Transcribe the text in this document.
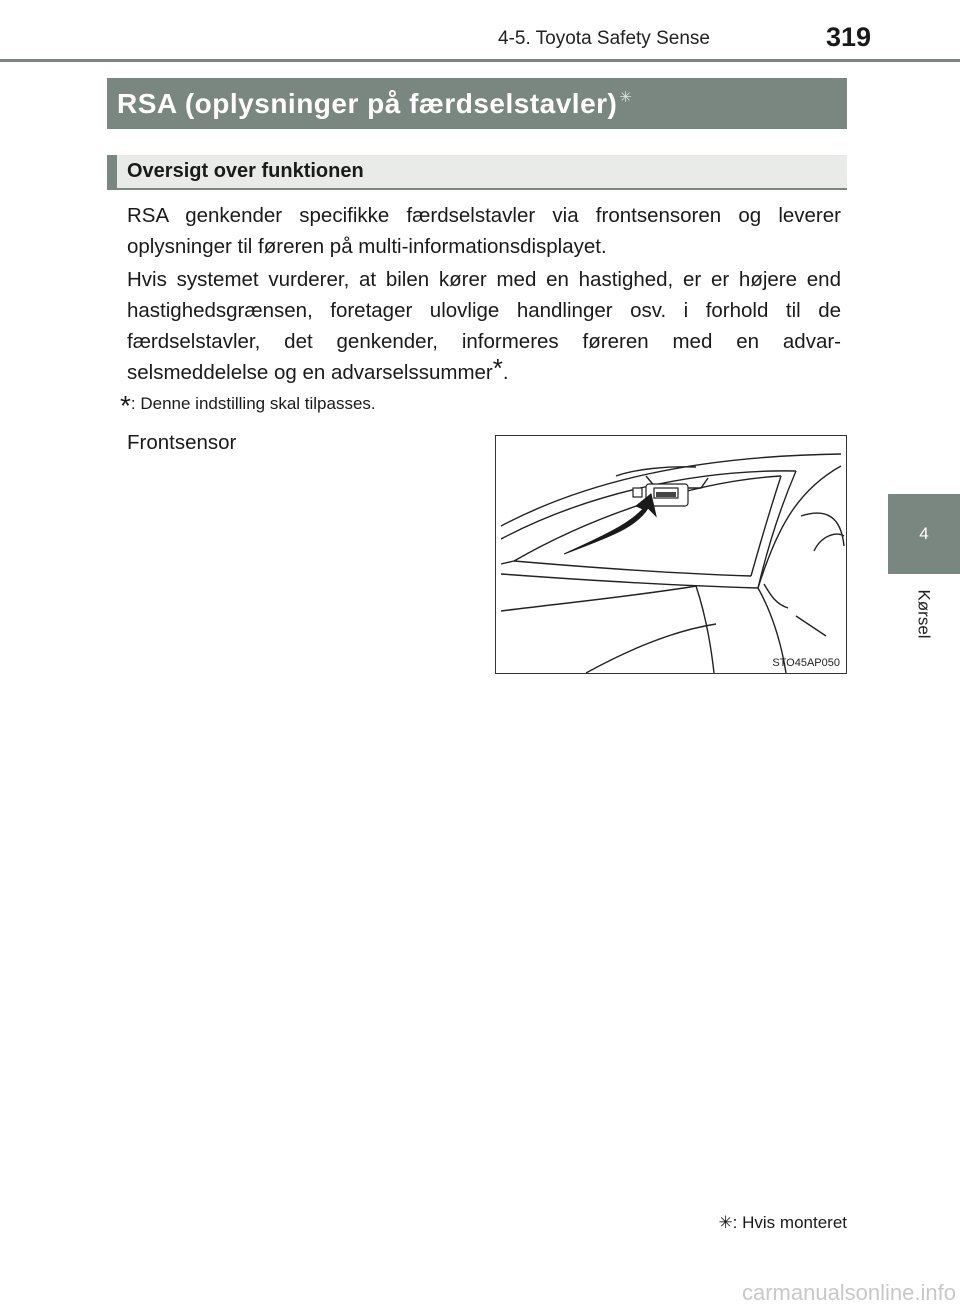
4-5. Toyota Safety Sense	319
4
Kørsel
RSA (oplysninger på færdselstavler) ✳
Oversigt over funktionen
RSA genkender specifikke færdselstavler via frontsensoren og leverer oplysninger til føreren på multi-informationsdisplayet.
Hvis systemet vurderer, at bilen kører med en hastighed, er er højere end hastighedsgrænsen, foretager ulovlige handlinger osv. i forhold til de færdselstavler, det genkender, informeres føreren med en advar-selsmeddelelse og en advarselssummer*.
*: Denne indstilling skal tilpasses.
Frontsensor
STO45AP050
✳: Hvis monteret
carmanualsonline.info
